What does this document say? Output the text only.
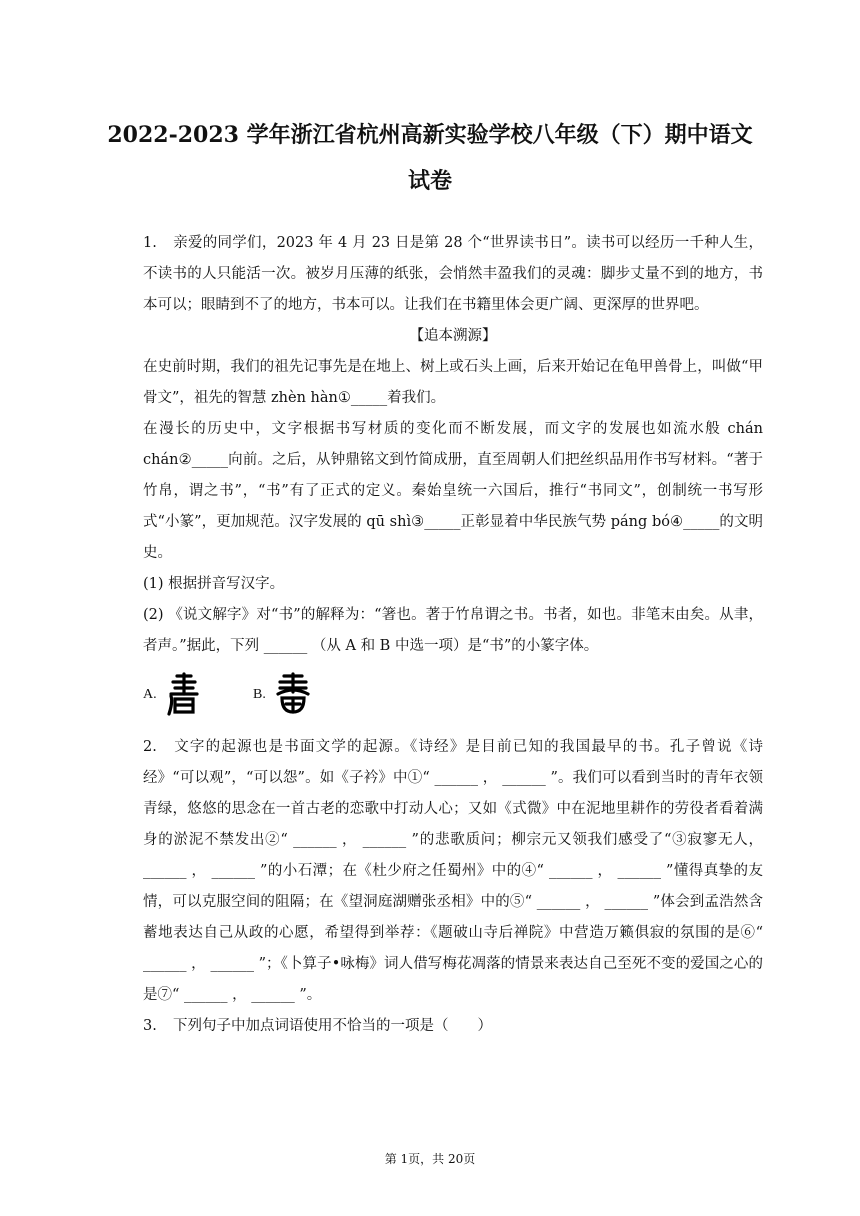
2022-2023 学年浙江省杭州高新实验学校八年级（下）期中语文
试卷

1. 亲爱的同学们，2023 年 4 月 23 日是第 28 个“世界读书日”。读书可以经历一千种人生，不读书的人只能活一次。被岁月压薄的纸张，会悄然丰盈我们的灵魂：脚步丈量不到的地方，书本可以；眼睛到不了的地方，书本可以。让我们在书籍里体会更广阔、更深厚的世界吧。

【追本溯源】

在史前时期，我们的祖先记事先是在地上、树上或石头上画，后来开始记在龟甲兽骨上，叫做“甲骨文”，祖先的智慧 zhèn hàn①_____着我们。

在漫长的历史中，文字根据书写材质的变化而不断发展，而文字的发展也如流水般 chán chán②_____向前。之后，从钟鼎铭文到竹简成册，直至周朝人们把丝织品用作书写材料。“著于竹帛，谓之书”，“书”有了正式的定义。秦始皇统一六国后，推行“书同文”，创制统一书写形式“小篆”，更加规范。汉字发展的 qū shì③_____正彰显着中华民族气势 páng bó④_____的文明史。

(1) 根据拼音写汉字。

(2) 《说文解字》对“书”的解释为：“箸也。著于竹帛谓之书。书者，如也。非笔末由矣。从聿，者声。”据此，下列 ______ （从 A 和 B 中选一项）是“书”的小篆字体。

A.	B.

2. 文字的起源也是书面文学的起源。《诗经》是目前已知的我国最早的书。孔子曾说《诗经》“可以观”，“可以怨”。如《子衿》中①“ ______ ， ______ ”。我们可以看到当时的青年衣领青绿，悠悠的思念在一首古老的恋歌中打动人心；又如《式微》中在泥地里耕作的劳役者看着满身的淤泥不禁发出②“ ______ ， ______ ”的悲歌质问；柳宗元又领我们感受了“③寂寥无人， ______ ， ______ ”的小石潭；在《杜少府之任蜀州》中的④“ ______ ， ______ ”懂得真挚的友情，可以克服空间的阻隔；在《望洞庭湖赠张丞相》中的⑤“ ______ ， ______ ”体会到孟浩然含蓄地表达自己从政的心愿，希望得到举荐：《题破山寺后禅院》中营造万籁俱寂的氛围的是⑥“ ______ ， ______ ”；《卜算子•咏梅》词人借写梅花凋落的情景来表达自己至死不变的爱国之心的是⑦“ ______ ， ______ ”。

3. 下列句子中加点词语使用不恰当的一项是（　　）

第 1页，共 20页
